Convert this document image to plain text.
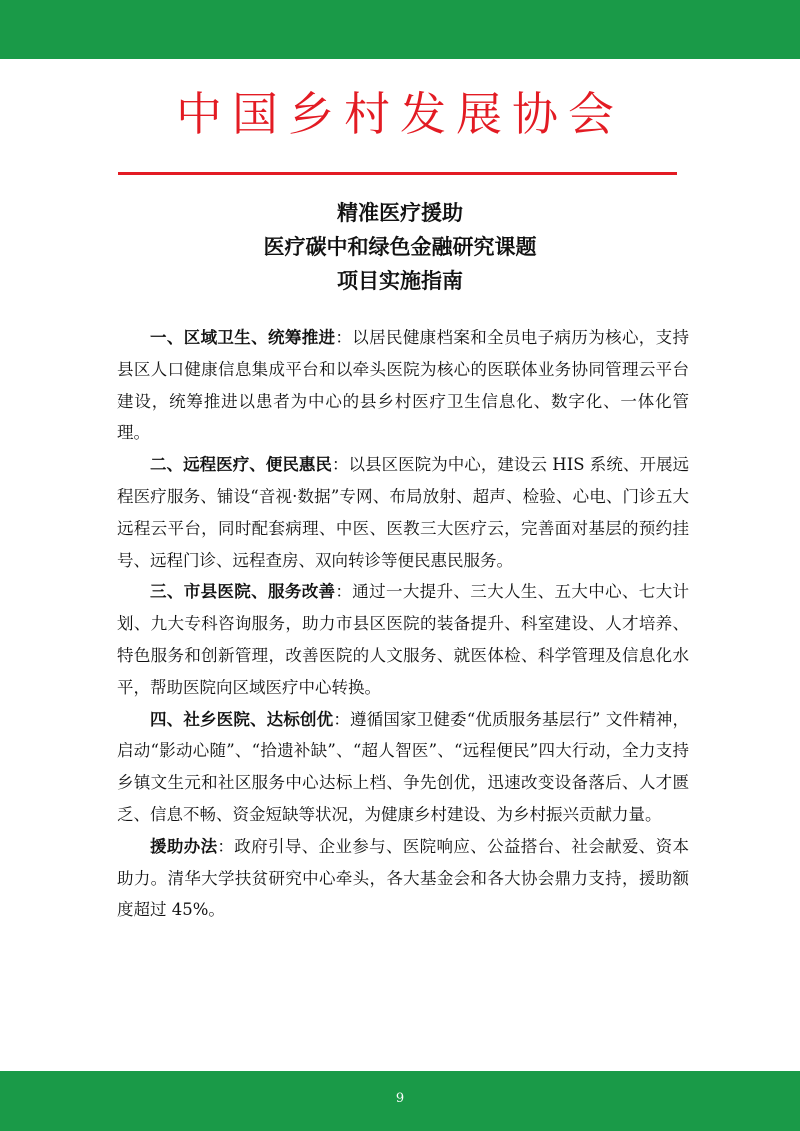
中国乡村发展协会
精准医疗援助
医疗碳中和绿色金融研究课题
项目实施指南

一、区域卫生、统筹推进：以居民健康档案和全员电子病历为核心，支持县区人口健康信息集成平台和以牵头医院为核心的医联体业务协同管理云平台建设，统筹推进以患者为中心的县乡村医疗卫生信息化、数字化、一体化管理。

二、远程医疗、便民惠民：以县区医院为中心，建设云 HIS 系统、开展远程医疗服务、铺设“音视·数据”专网、布局放射、超声、检验、心电、门诊五大远程云平台，同时配套病理、中医、医教三大医疗云，完善面对基层的预约挂号、远程门诊、远程查房、双向转诊等便民惠民服务。

三、市县医院、服务改善：通过一大提升、三大人生、五大中心、七大计划、九大专科咨询服务，助力市县区医院的装备提升、科室建设、人才培养、特色服务和创新管理，改善医院的人文服务、就医体检、科学管理及信息化水平，帮助医院向区域医疗中心转换。

四、社乡医院、达标创优：遵循国家卫健委“优质服务基层行” 文件精神，启动“影动心随”、“拾遗补缺”、“超人智医”、“远程便民”四大行动，全力支持乡镇文生元和社区服务中心达标上档、争先创优，迅速改变设备落后、人才匮乏、信息不畅、资金短缺等状况，为健康乡村建设、为乡村振兴贡献力量。

援助办法：政府引导、企业参与、医院响应、公益搭台、社会献爱、资本助力。清华大学扶贫研究中心牵头，各大基金会和各大协会鼎力支持，援助额度超过 45%。

9
